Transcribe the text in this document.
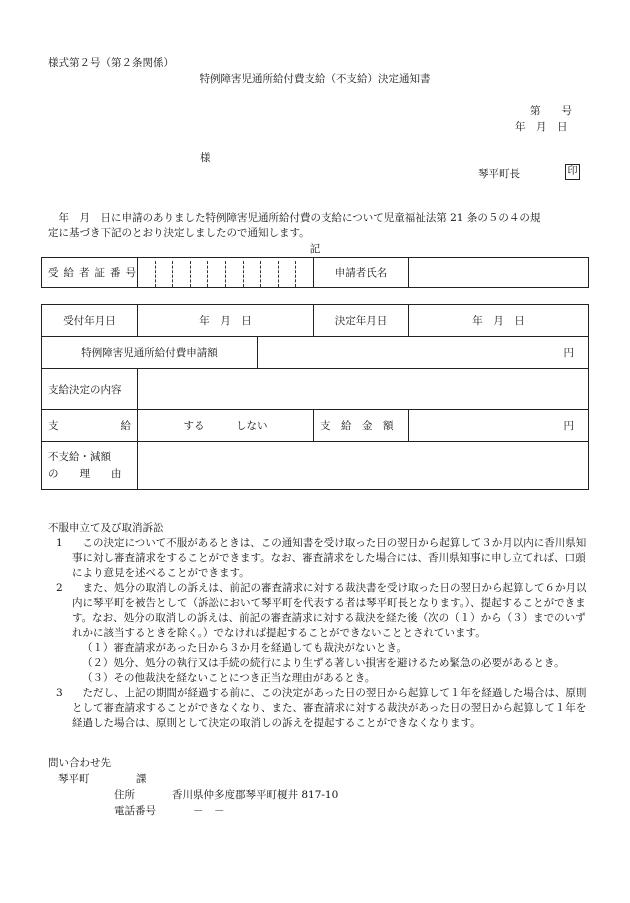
様式第２号（第２条関係）
特例障害児通所給付費支給（不支給）決定通知書
第　　号
年　月　日
様
琴平町長	印
　年　月　日に申請のありました特例障害児通所給付費の支給について児童福祉法第 21 条の５の４の規
定に基づき下記のとおり決定しましたので通知します。
記
受給者証番号		申請者氏名	
受付年月日	年　月　日		決定年月日	年　月　日
特例障害児通所給付費申請額		円		
支給決定の内容				
支 給	する　　　しない		支　給　金　額	円

不支給・減額
の　　理　　由				

不服申立て及び取消訴訟

1 　この決定について不服があるときは、この通知書を受け取った日の翌日から起算して３か月以内に香川県知事に対し審査請求をすることができます。なお、審査請求をした場合には、香川県知事に申し立てれば、口頭により意見を述べることができます。

2 　また、処分の取消しの訴えは、前記の審査請求に対する裁決書を受け取った日の翌日から起算して６か月以内に琴平町を被告として（訴訟において琴平町を代表する者は琴平町長となります。）、提起することができます。なお、処分の取消しの訴えは、前記の審査請求に対する裁決を経た後（次の（１）から（３）までのいずれかに該当するときを除く。）でなければ提起することができないこととされています。

（１）審査請求があった日から３か月を経過しても裁決がないとき。

（２）処分、処分の執行又は手続の続行により生ずる著しい損害を避けるため緊急の必要があるとき。

（３）その他裁決を経ないことにつき正当な理由があるとき。

3 　ただし、上記の期間が経過する前に、この決定があった日の翌日から起算して１年を経過した場合は、原則として審査請求することができなくなり、また、審査請求に対する裁決があった日の翌日から起算して１年を経過した場合は、原則として決定の取消しの訴えを提起することができなくなります。

問い合わせ先
琴平町	課
住所	香川県仲多度郡琴平町榎井 817-10
電話番号	－　－
